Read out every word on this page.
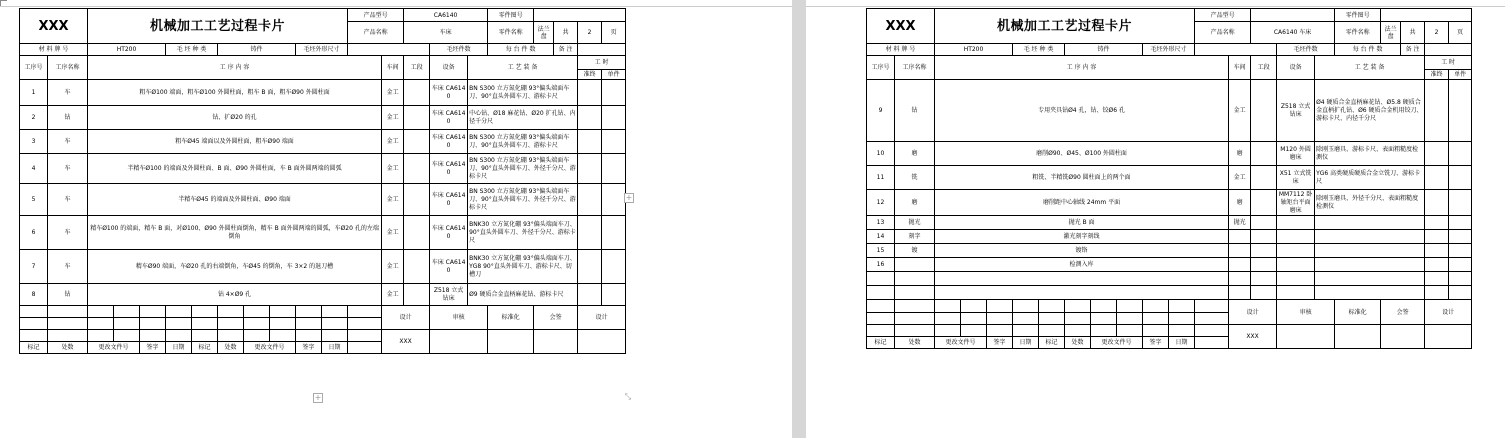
XXX		机械加工工艺过程卡片										产品型号		CA6140			零件图号					
												产品名称		车床			零件名称	法兰盘	共	2	页	
材 料 牌 号		HT200			毛 坯 种 类		铸件			毛坯外形尺寸					毛坯件数		每 台 件 数		备 注			
工序号	工序名称	工 序 内 容											车间	工段	设备	工 艺 装 备				工 时		
																				准终	单件	
1	车	粗车Ø100 端面，粗车Ø100 外圆柱面，粗车 B 面，粗车Ø90 外圆柱面											金工		车床 CA6140	BN S300 立方氮化硼 93°偏头端面车刀、90°直头外圆车刀、游标卡尺						
2	钻	钻、扩Ø20 的孔											金工		车床 CA6140	中心钻、Ø18 麻花钻、Ø20 扩孔钻、内径千分尺						
3	车	粗车Ø45 端面以及外圆柱面，粗车Ø90 端面											金工		车床 CA6140	BN S300 立方氮化硼 93°偏头端面车刀、90°直头外圆车刀、游标卡尺						
4	车	半精车Ø100 的端面及外圆柱面、B 面、Ø90 外圆柱面，车 B 面外圆两端的圆弧											金工		车床 CA6140	BN S300 立方氮化硼 93°偏头端面车刀、90°直头外圆车刀、外径千分尺、游标卡尺						
5	车	半精车Ø45 的端面及外圆柱面、Ø90 端面											金工		车床 CA6140	BN S300 立方氮化硼 93°偏头端面车刀、90°直头外圆车刀、外径千分尺、游标卡尺						
6	车	精车Ø100 的端面，精车 B 面，对Ø100、Ø90 外圆柱面倒角，精车 B 面外圆两端的圆弧，车Ø20 孔的左端倒角											金工		车床 CA6140	BNK30 立方氮化硼 93°偏头端面车刀、90°直头外圆车刀、外径千分尺、游标卡尺						
7	车	精车Ø90 端面，车Ø20 孔的右端倒角，车Ø45 的倒角，车 3×2 的退刀槽											金工		车床 CA6140	BNK30 立方氮化硼 93°偏头端面车刀、YG8 90°直头外圆车刀、游标卡尺、切槽刀						
8	钻	钻 4×Ø9 孔											金工		Z518 立式钻床	Ø9 硬质合金直柄麻花钻、游标卡尺						
													设计		审核		标准化	会签		设计		

													XXX									
标记	处数	更改文件号		签字	日期	标记	处数	更改文件号		签字	日期											
XXX		机械加工工艺过程卡片										产品型号					零件图号					
												产品名称		CA6140 车床			零件名称	法兰盘	共	2	页	
材 料 牌 号		HT200			毛 坯 种 类		铸件			毛坯外形尺寸					毛坯件数		每 台 件 数		备 注			
工序号	工序名称	工 序 内 容											车间	工段	设备	工 艺 装 备				工 时		
																				准终	单件	
9	钻	专用夹具钻Ø4 孔，钻、铰Ø6 孔											金工		Z518 立式钻床	Ø4 硬质合金直柄麻花钻、Ø5.8 硬质合金直柄扩孔钻、Ø6 硬质合金机用铰刀、游标卡尺、内径千分尺						
10	磨	磨削Ø90、Ø45、Ø100 外圆柱面											磨		M120 外圆磨床	除刚玉磨具、游标卡尺、表面粗糙度检测仪						
11	铣	粗铣、半精铣Ø90 圆柱面上的两个面											金工		X51 立式铣床	YG6 高类硬质硬质合金立铣刀、游标卡尺						
12	磨	磨削距中心轴线 24mm 平面											磨		MM7112 卧轴矩台平面磨床	除刚玉磨具、外径千分尺、表面粗糙度检测仪						
13	抛光	抛光 B 面											抛光									
14	刻字	激光刻字刻线																				
15	镀	镀铬																				
16		检测入库																				

													设计		审核		标准化	会签		设计		

													XXX									
标记	处数	更改文件号		签字	日期	标记	处数	更改文件号		签字	日期											
+
+	⤡
